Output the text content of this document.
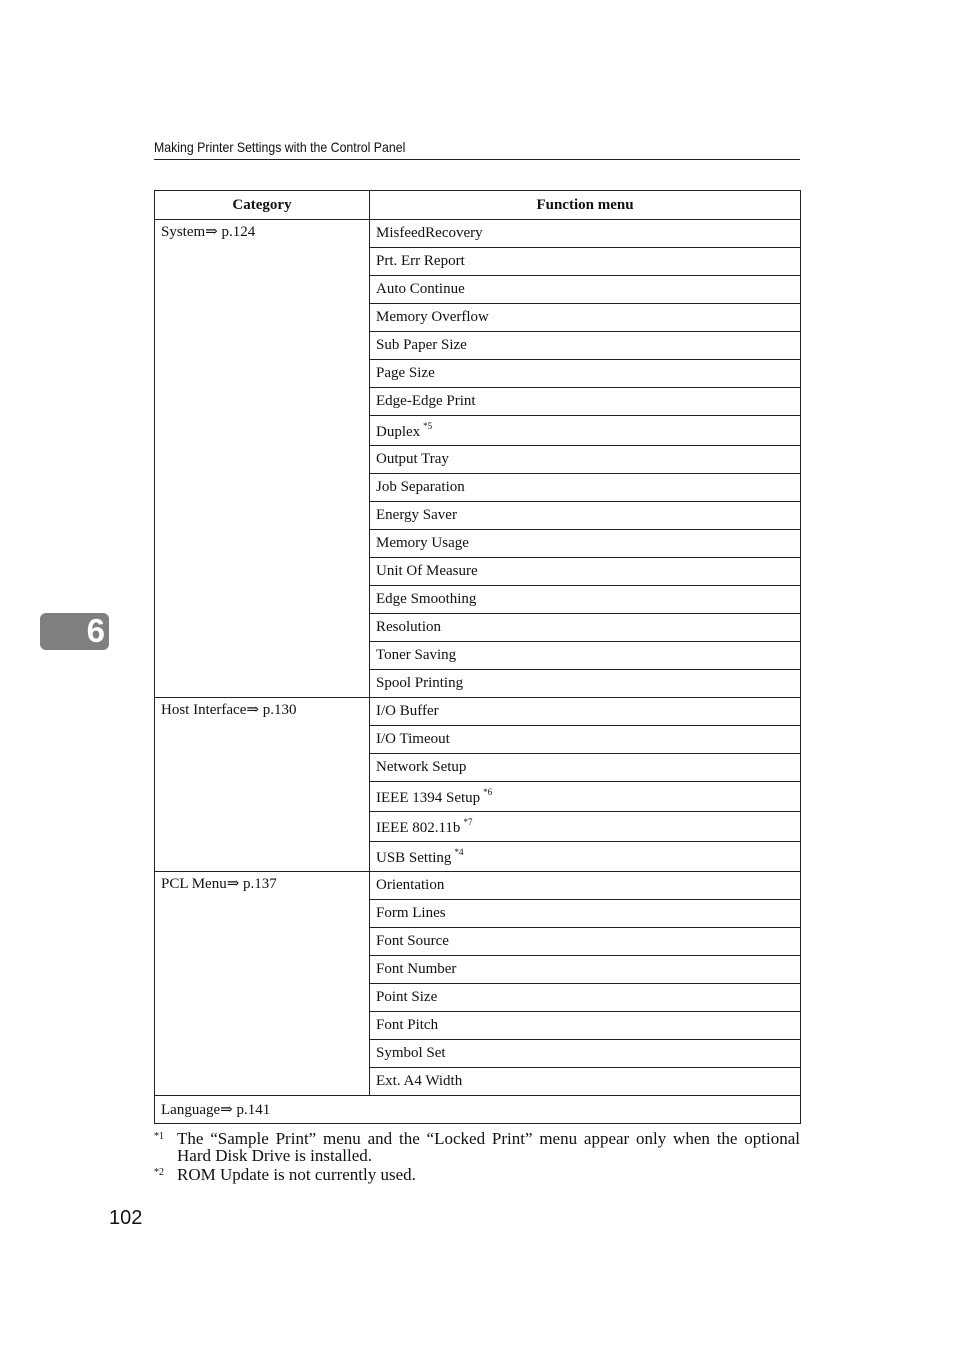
Making Printer Settings with the Control Panel
6
Category	Function menu
System⇒ p.124	MisfeedRecovery
	Prt. Err Report
	Auto Continue
	Memory Overflow
	Sub Paper Size
	Page Size
	Edge-Edge Print
	Duplex $^{*5}$
	Output Tray
	Job Separation
	Energy Saver
	Memory Usage
	Unit Of Measure
	Edge Smoothing
	Resolution
	Toner Saving
	Spool Printing
Host Interface⇒ p.130	I/O Buffer
	I/O Timeout
	Network Setup
	IEEE 1394 Setup $^{*6}$
	IEEE 802.11b $^{*7}$
	USB Setting $^{*4}$
PCL Menu⇒ p.137	Orientation
	Form Lines
	Font Source
	Font Number
	Point Size
	Font Pitch
	Symbol Set
	Ext. A4 Width
Language⇒ p.141	
*1 The “Sample Print” menu and the “Locked Print” menu appear only when the optional Hard Disk Drive is installed.
*2 ROM Update is not currently used.
102
